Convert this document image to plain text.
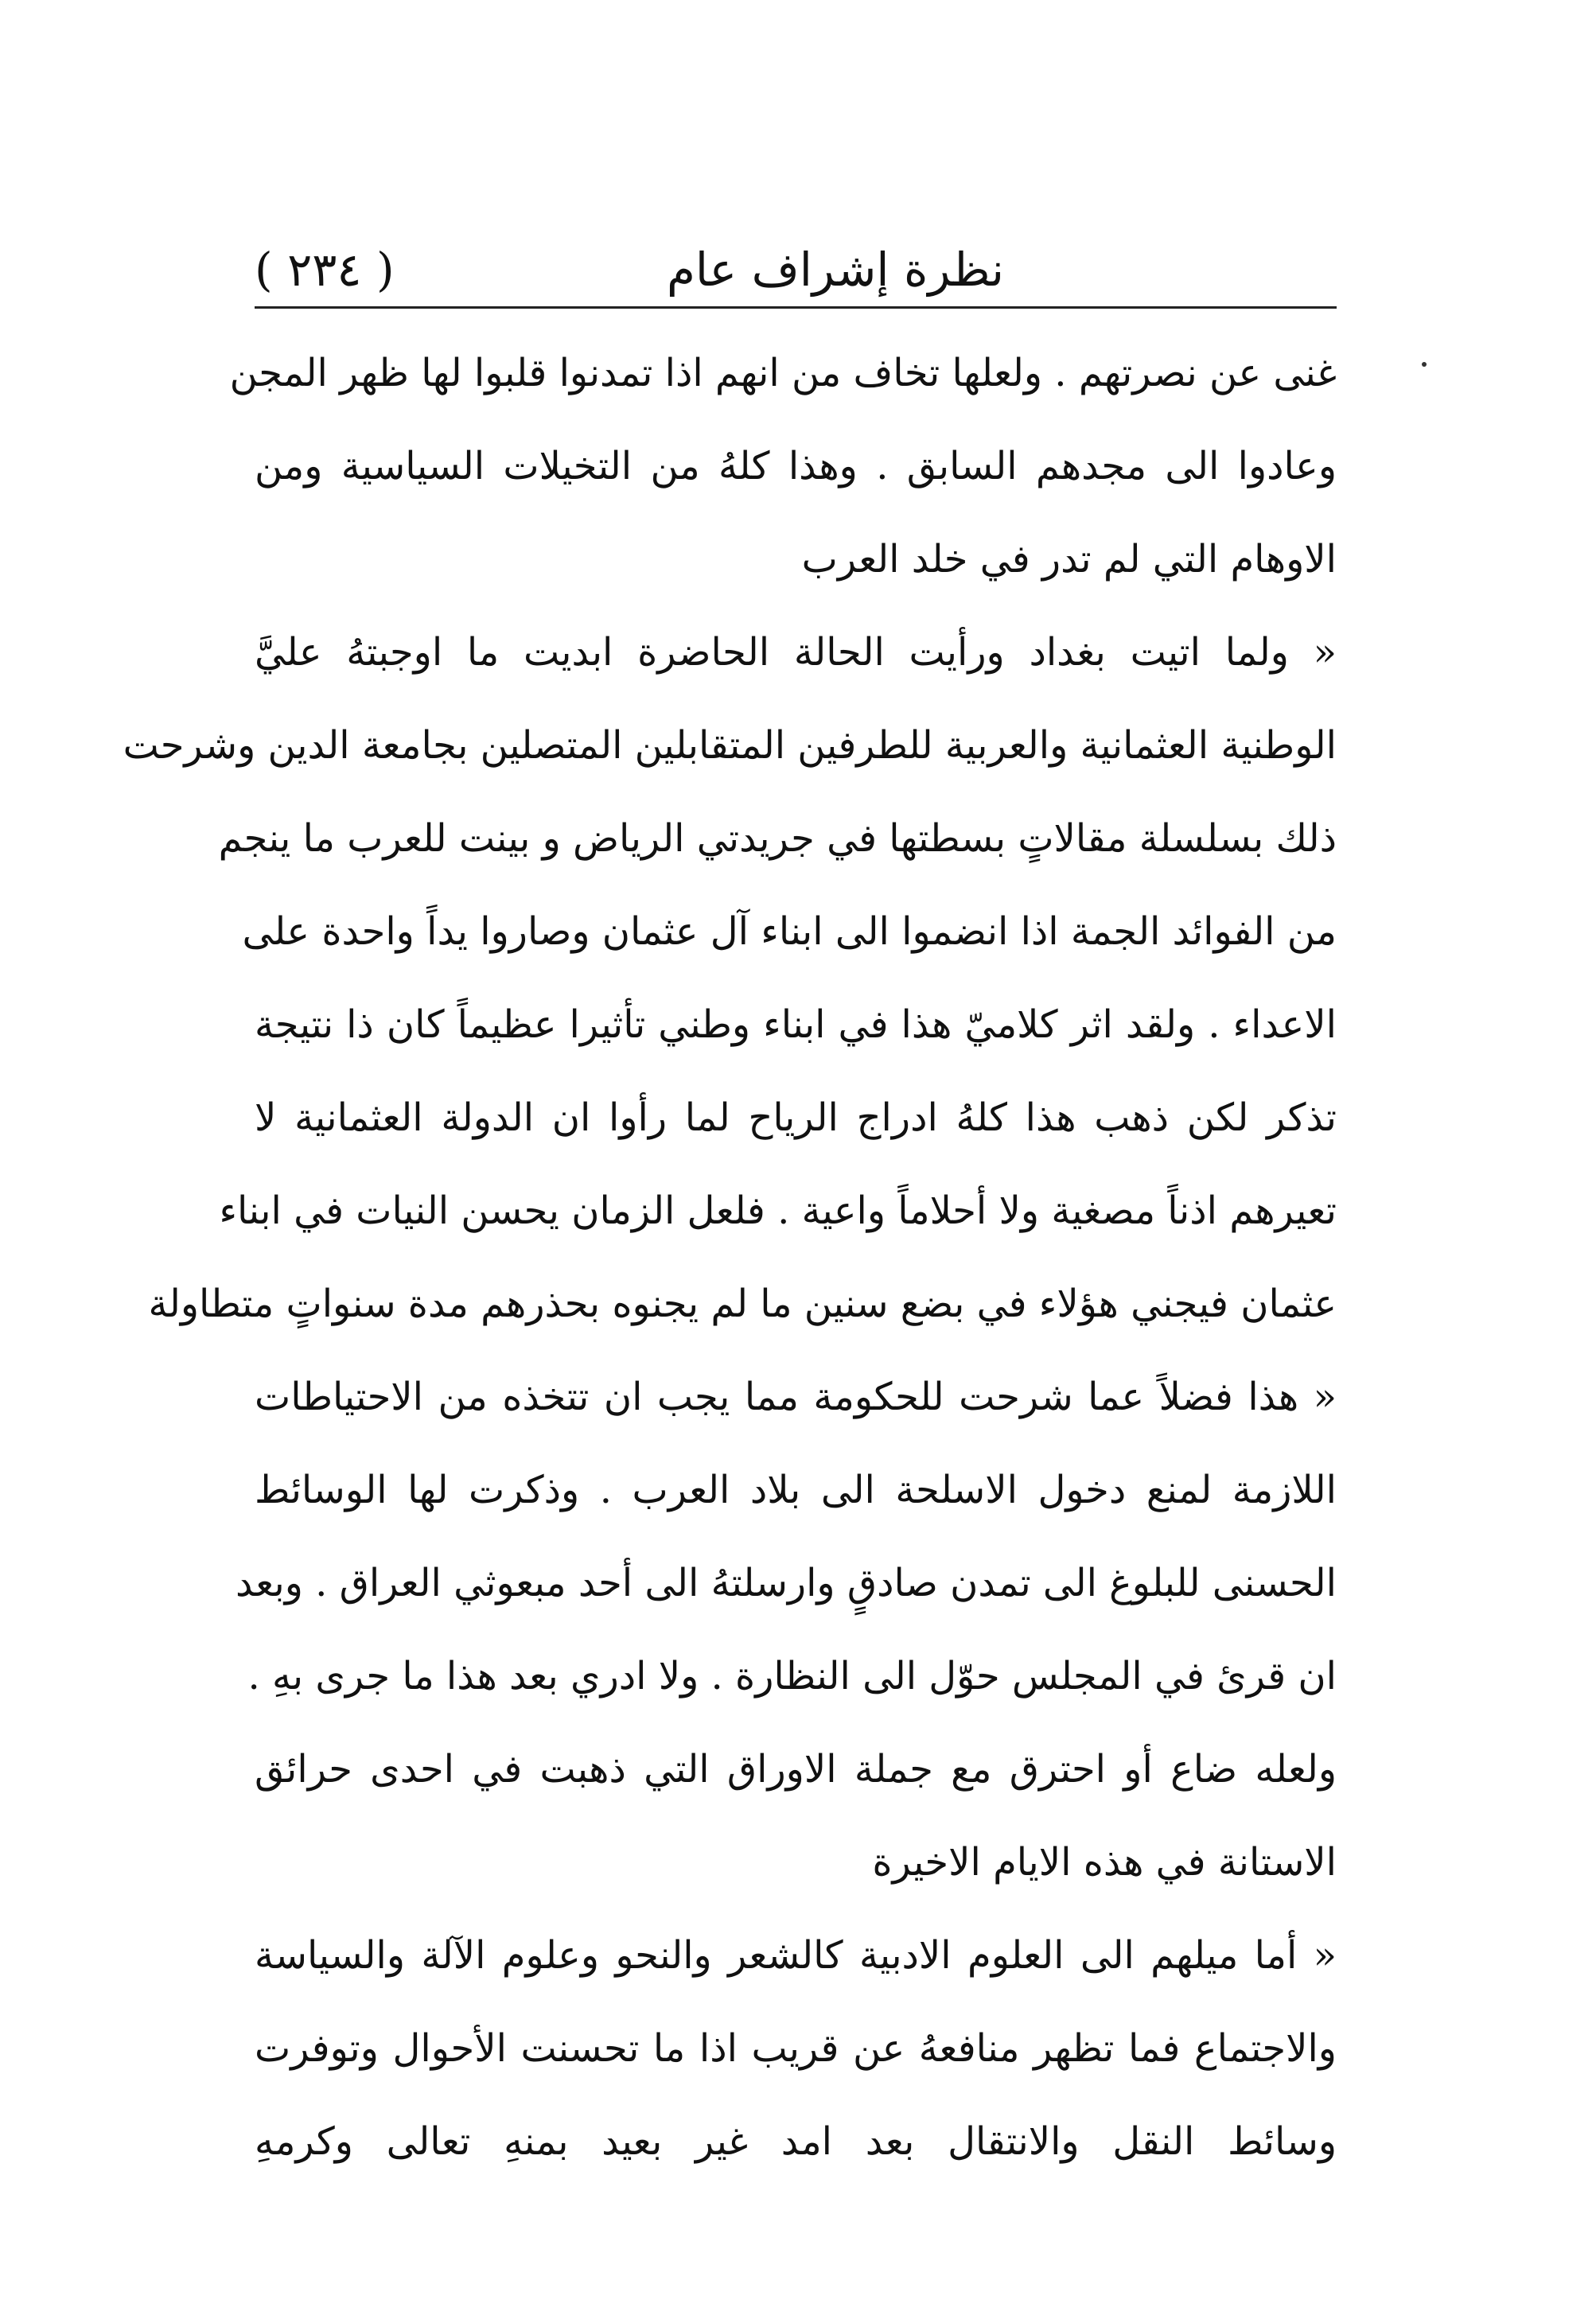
نظرة إشراف عام
( ٢٣٤ )
غنى عن نصرتهم . ولعلها تخاف من انهم اذا تمدنوا قلبوا لها ظهر المجن
وعادوا الى مجدهم السابق . وهذا كلهُ من التخيلات السياسية ومن
الاوهام التي لم تدر في خلد العرب
« ولما اتيت بغداد ورأيت الحالة الحاضرة ابديت ما اوجبتهُ عليَّ
الوطنية العثمانية والعربية للطرفين المتقابلين المتصلين بجامعة الدين وشرحت
ذلك بسلسلة مقالاتٍ بسطتها في جريدتي الرياض و بينت للعرب ما ينجم
من الفوائد الجمة اذا انضموا الى ابناء آل عثمان وصاروا يداً واحدة على
الاعداء . ولقد اثر كلاميّ هذا في ابناء وطني تأثيرا عظيماً كان ذا نتيجة
تذكر لكن ذهب هذا كلهُ ادراج الرياح لما رأوا ان الدولة العثمانية لا
تعيرهم اذناً مصغية ولا أحلاماً واعية . فلعل الزمان يحسن النيات في ابناء
عثمان فيجني هؤلاء في بضع سنين ما لم يجنوه بحذرهم مدة سنواتٍ متطاولة
« هذا فضلاً عما شرحت للحكومة مما يجب ان تتخذه من الاحتياطات
اللازمة لمنع دخول الاسلحة الى بلاد العرب . وذكرت لها الوسائط
الحسنى للبلوغ الى تمدن صادقٍ وارسلتهُ الى أحد مبعوثي العراق . وبعد
ان قرئ في المجلس حوّل الى النظارة . ولا ادري بعد هذا ما جرى بهِ .
ولعله ضاع أو احترق مع جملة الاوراق التي ذهبت في احدى حرائق
الاستانة في هذه الايام الاخيرة
« أما ميلهم الى العلوم الادبية كالشعر والنحو وعلوم الآلة والسياسة
والاجتماع فما تظهر منافعهُ عن قريب اذا ما تحسنت الأحوال وتوفرت
وسائط النقل والانتقال بعد امد غير بعيد بمنهِ تعالى وكرمهِ
